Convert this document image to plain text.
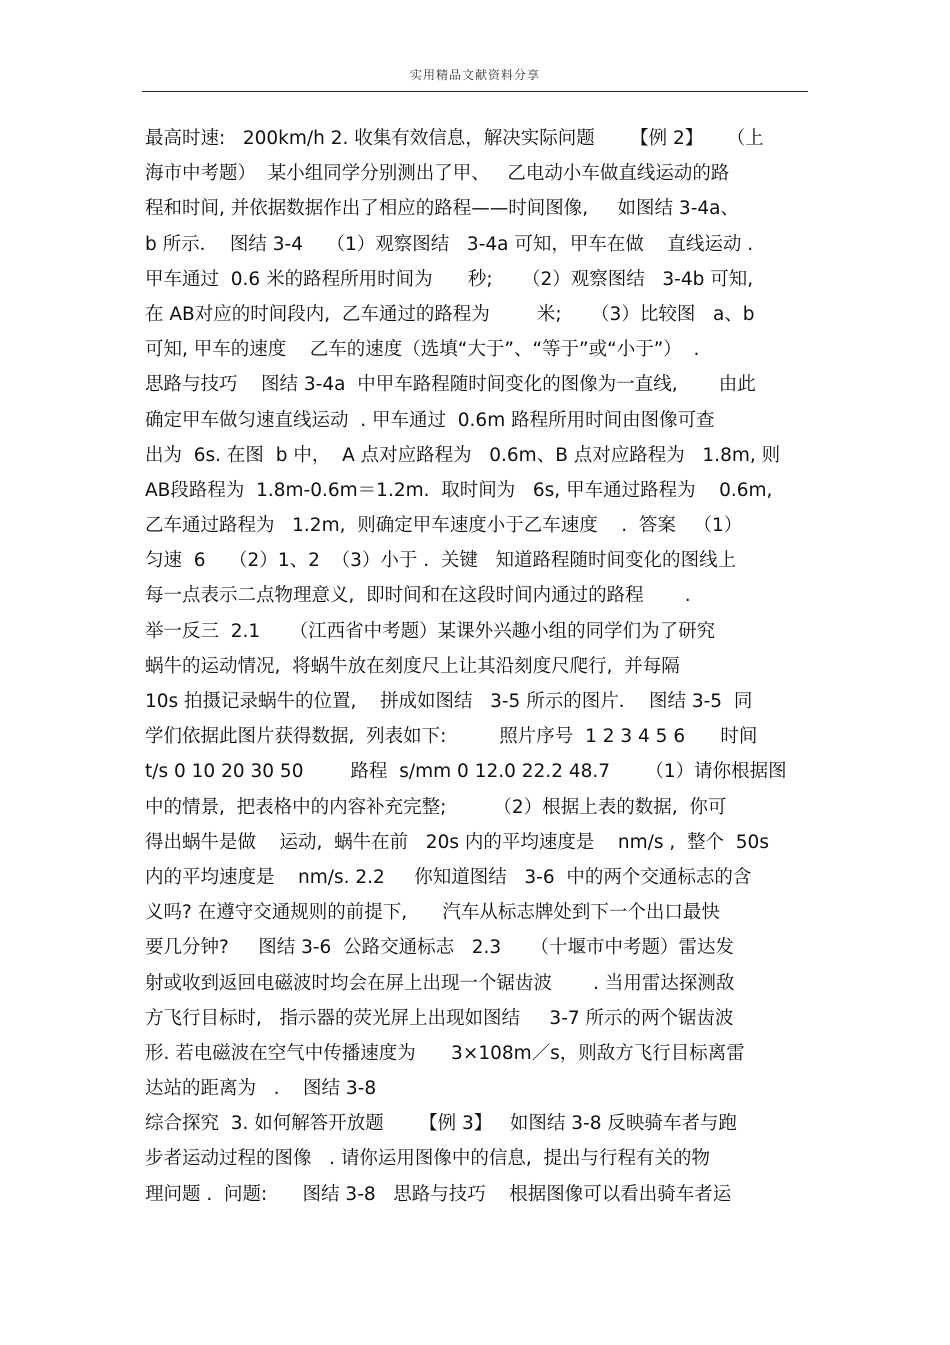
实用精品文献资料分享
最高时速:   200km/h 2. 收集有效信息，解决实际问题      【例 2】    （上
海市中考题）  某小组同学分别测出了甲、   乙电动小车做直线运动的路
程和时间, 并依据数据作出了相应的路程——时间图像,     如图结 3-4a、
b 所示．  图结 3-4    （1）观察图结   3-4a 可知，甲车在做    直线运动 .
甲车通过  0.6 米的路程所用时间为      秒;     （2）观察图结   3-4b 可知,
在 AB对应的时间段内,  乙车通过的路程为        米;     （3）比较图   a、b
可知, 甲车的速度    乙车的速度（选填“大于”、“等于”或“小于”）  .
思路与技巧    图结 3-4a  中甲车路程随时间变化的图像为一直线,       由此
确定甲车做匀速直线运动  . 甲车通过  0.6m 路程所用时间由图像可查
出为  6s. 在图  b 中，  A 点对应路程为   0.6m、B 点对应路程为   1.8m, 则
AB段路程为  1.8m-0.6m＝1.2m.  取时间为   6s, 甲车通过路程为    0.6m,
乙车通过路程为   1.2m,  则确定甲车速度小于乙车速度    .  答案   （1）
匀速  6    （2）1、2  （3）小于 .  关键   知道路程随时间变化的图线上
每一点表示二点物理意义,  即时间和在这段时间内通过的路程       .
举一反三  2.1     （江西省中考题）某课外兴趣小组的同学们为了研究
蜗牛的运动情况,  将蜗牛放在刻度尺上让其沿刻度尺爬行,  并每隔
10s 拍摄记录蜗牛的位置,    拼成如图结   3-5 所示的图片．  图结 3-5  同
学们依据此图片获得数据,  列表如下:         照片序号  1 2 3 4 5 6      时间
t/s 0 10 20 30 50        路程  s/mm 0 12.0 22.2 48.7      （1）请你根据图
中的情景,  把表格中的内容补充完整;        （2）根据上表的数据,  你可
得出蜗牛是做    运动,  蜗牛在前   20s 内的平均速度是    nm/s ,  整个  50s
内的平均速度是    nm/s. 2.2     你知道图结   3-6  中的两个交通标志的含
义吗? 在遵守交通规则的前提下,      汽车从标志牌处到下一个出口最快
要几分钟?     图结 3-6  公路交通标志   2.3     （十堰市中考题）雷达发
射或收到返回电磁波时均会在屏上出现一个锯齿波       . 当用雷达探测敌
方飞行目标时,   指示器的荧光屏上出现如图结     3-7 所示的两个锯齿波
形. 若电磁波在空气中传播速度为      3×108m／s，则敌方飞行目标离雷
达站的距离为   .    图结 3-8
综合探究  3. 如何解答开放题      【例 3】   如图结 3-8 反映骑车者与跑
步者运动过程的图像   . 请你运用图像中的信息,  提出与行程有关的物
理问题 .  问题:      图结 3-8   思路与技巧    根据图像可以看出骑车者运
